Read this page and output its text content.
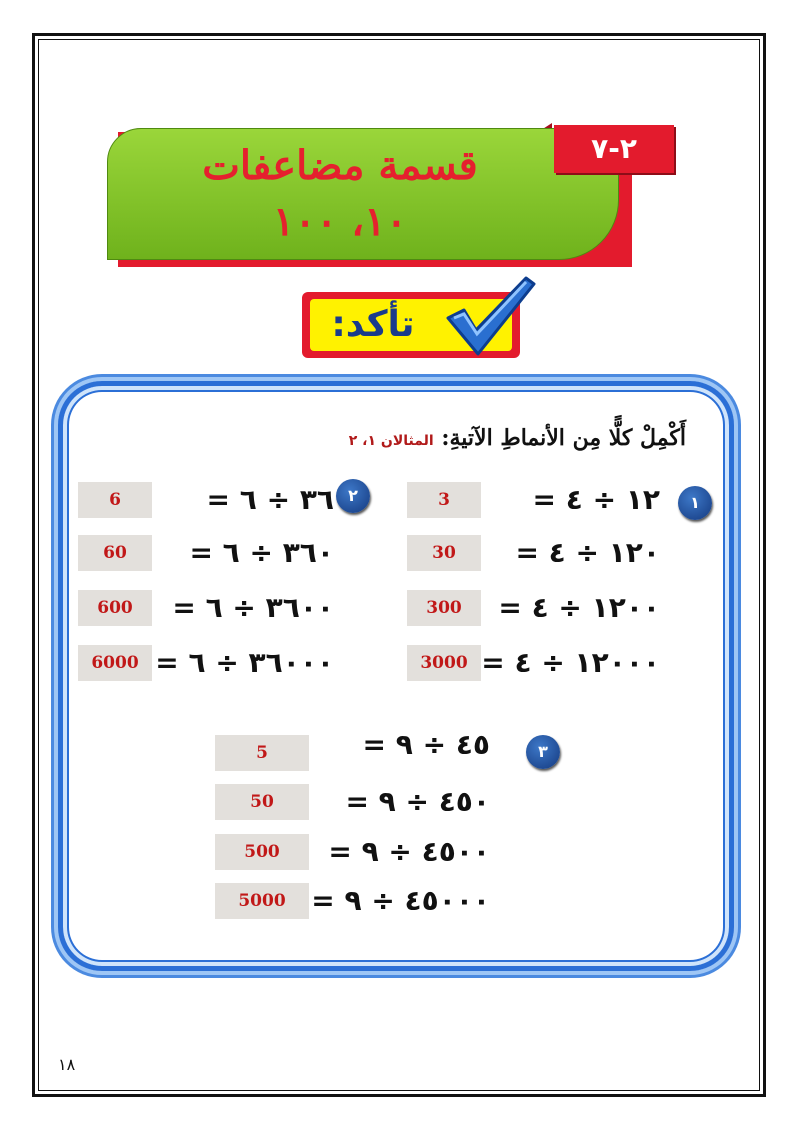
قسمة مضاعفات
١٠، ١٠٠
٢-٧
تأكد:
أَكْمِلْ كلًّا مِن الأنماطِ الآتيةِ: المثالان ١، ٢
١
١٢ ÷ ٤ =
3
١٢٠ ÷ ٤ =
30
١٢٠٠ ÷ ٤ =
300
١٢٠٠٠ ÷ ٤ =
3000
٢
٣٦ ÷ ٦ =
6
٣٦٠ ÷ ٦ =
60
٣٦٠٠ ÷ ٦ =
600
٣٦٠٠٠ ÷ ٦ =
6000
٣
٤٥ ÷ ٩ =
5
٤٥٠ ÷ ٩ =
50
٤٥٠٠ ÷ ٩ =
500
٤٥٠٠٠ ÷ ٩ =
5000
١٨
